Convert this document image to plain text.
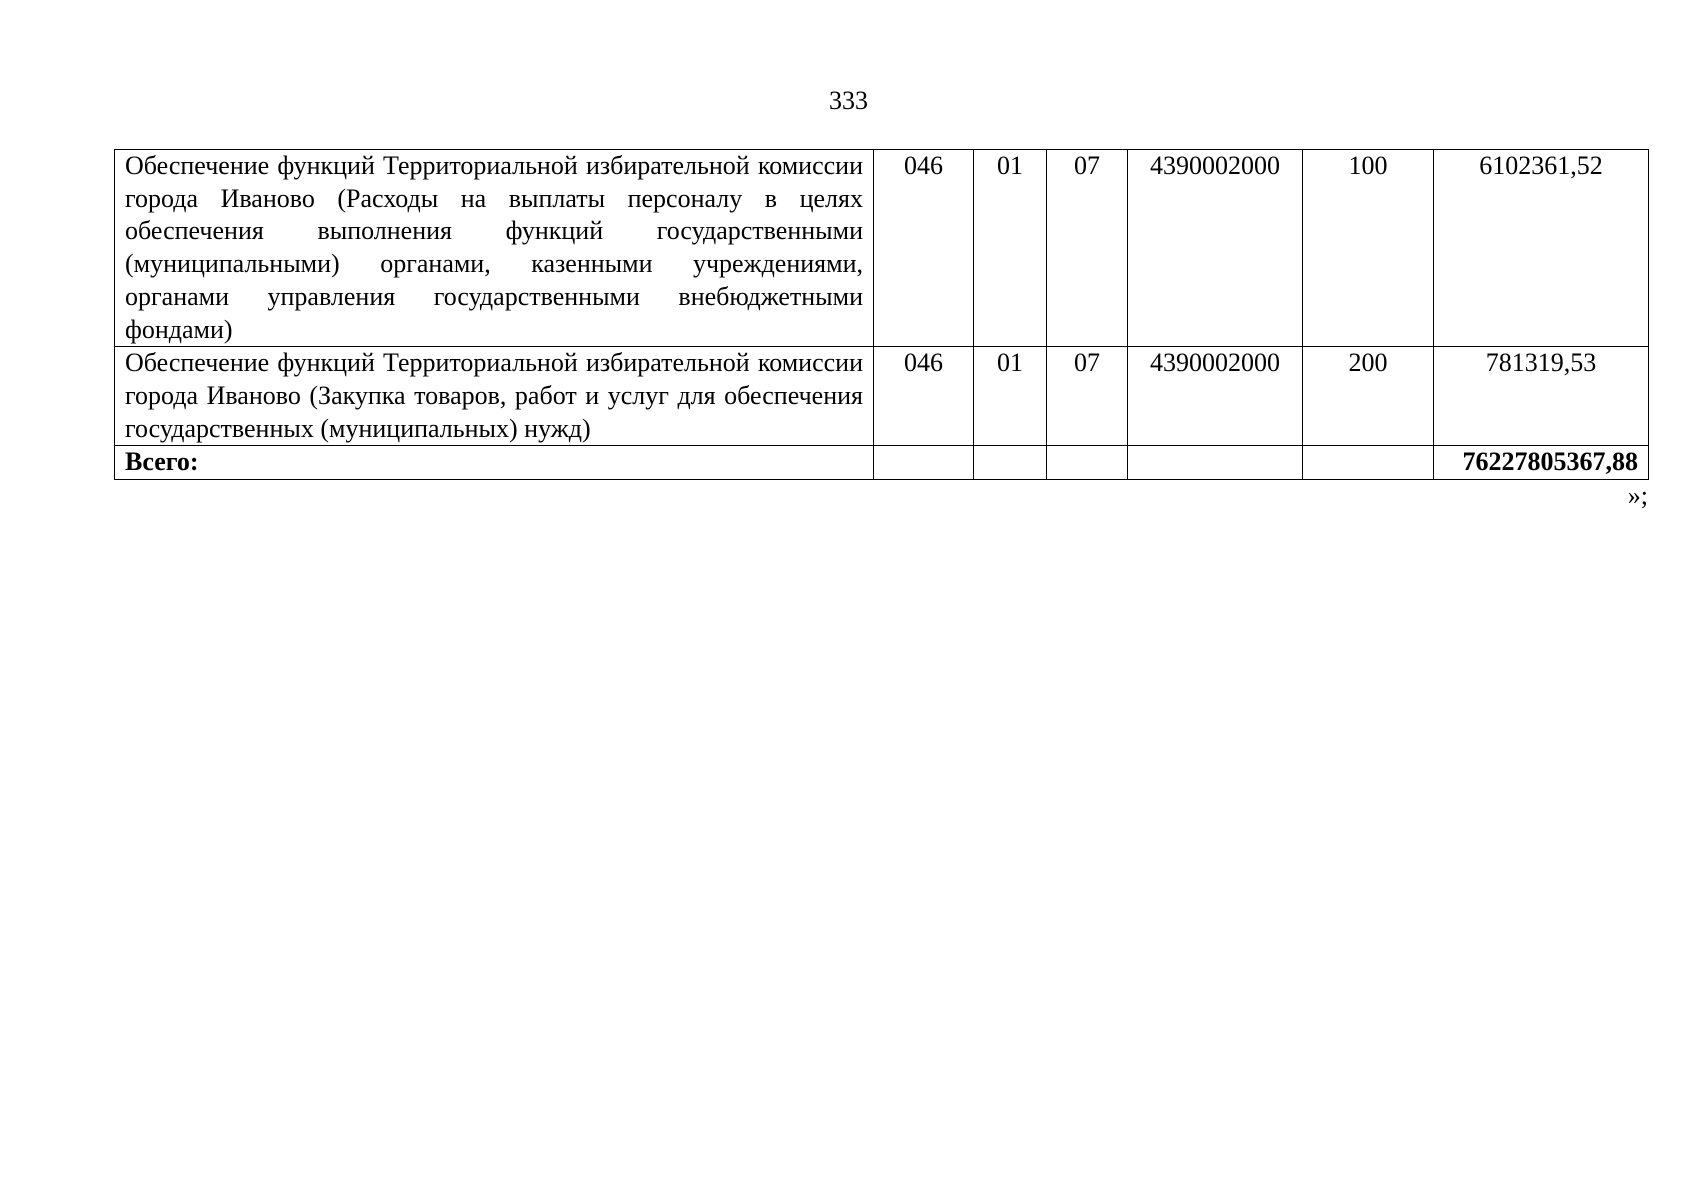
333
Обеспечение функций Территориальной избирательной комиссии города Иваново (Расходы на выплаты персоналу в целях обеспечения выполнения функций государственными (муниципальными) органами, казенными учреждениями, органами управления государственными внебюджетными фондами)	046	01	07	4390002000	100	6102361,52
Обеспечение функций Территориальной избирательной комиссии города Иваново (Закупка товаров, работ и услуг для обеспечения государственных (муниципальных) нужд)	046	01	07	4390002000	200	781319,53
Всего:						76227805367,88
»;
